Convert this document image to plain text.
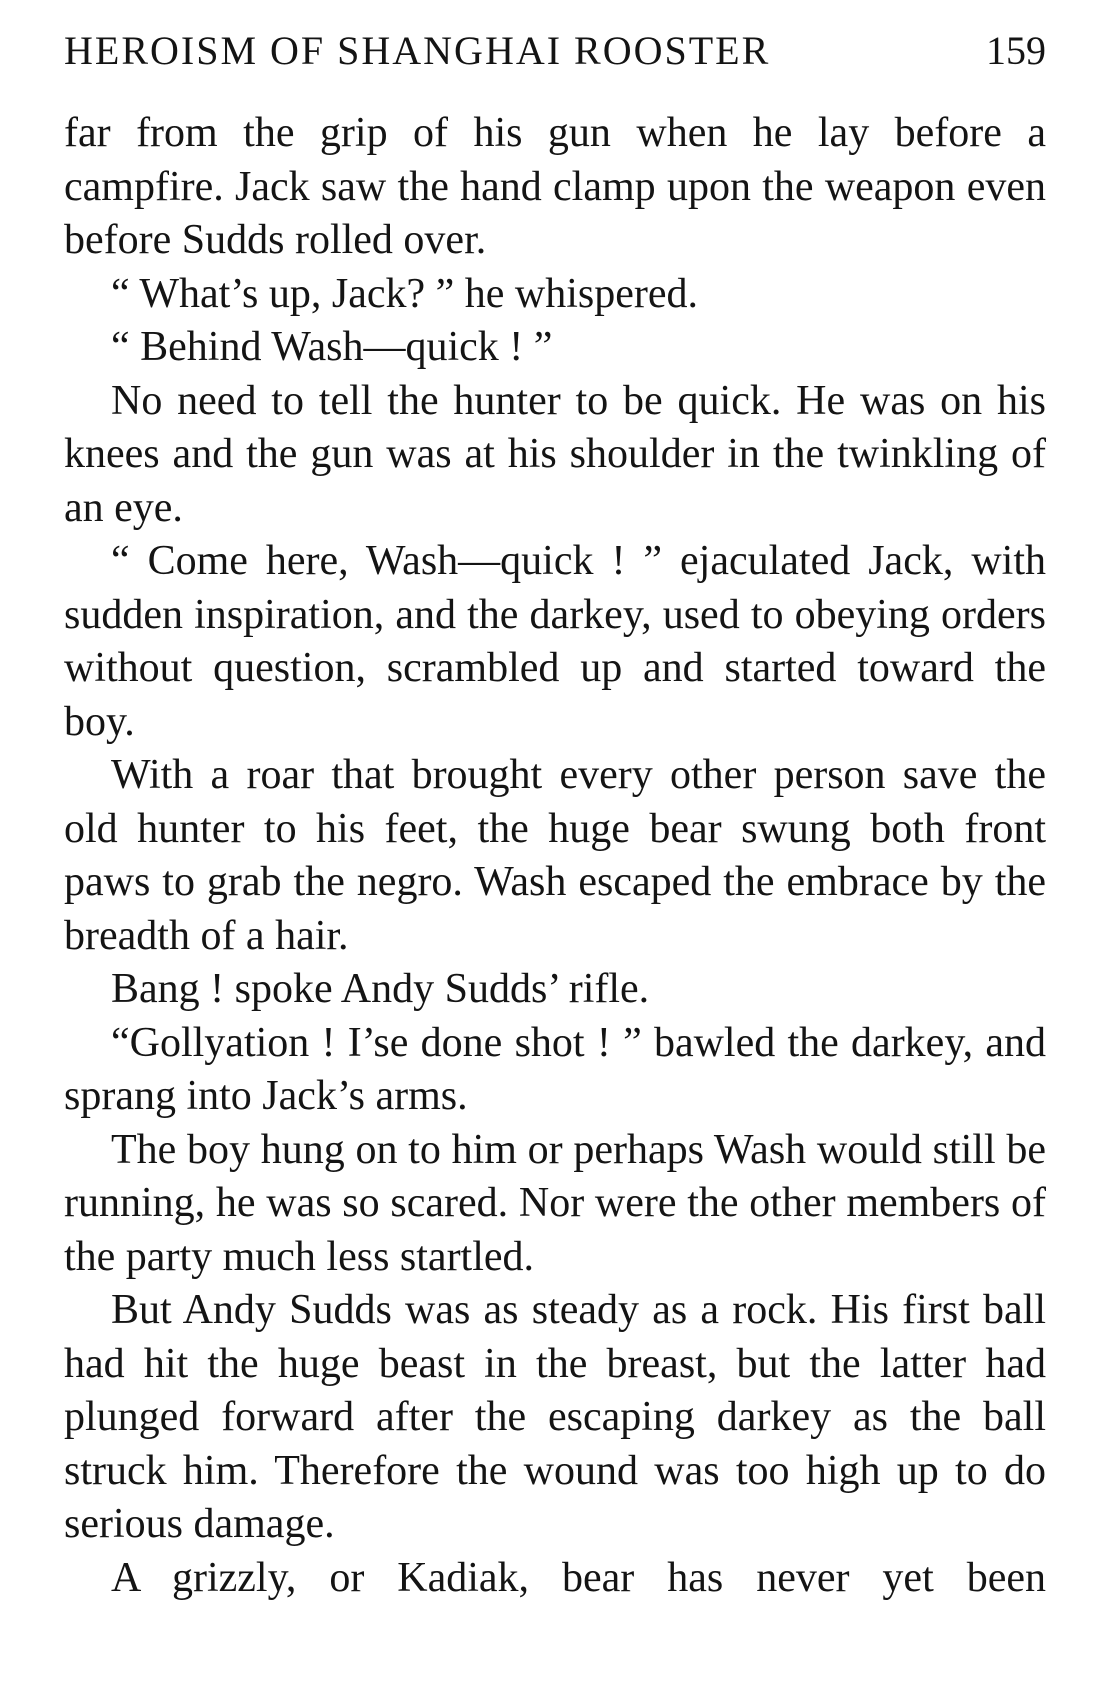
HEROISM OF SHANGHAI ROOSTER	159

far from the grip of his gun when he lay before a campfire. Jack saw the hand clamp upon the weapon even before Sudds rolled over.

“ What’s up, Jack? ” he whispered.

“ Behind Wash—quick ! ”

No need to tell the hunter to be quick. He was on his knees and the gun was at his shoulder in the twinkling of an eye.

“ Come here, Wash—quick ! ” ejaculated Jack, with sudden inspiration, and the darkey, used to obeying orders without question, scrambled up and started toward the boy.

With a roar that brought every other person save the old hunter to his feet, the huge bear swung both front paws to grab the negro. Wash escaped the embrace by the breadth of a hair.

Bang ! spoke Andy Sudds’ rifle.

“Gollyation ! I’se done shot ! ” bawled the darkey, and sprang into Jack’s arms.

The boy hung on to him or perhaps Wash would still be running, he was so scared. Nor were the other members of the party much less startled.

But Andy Sudds was as steady as a rock. His first ball had hit the huge beast in the breast, but the latter had plunged forward after the escaping darkey as the ball struck him. Therefore the wound was too high up to do serious damage.

A grizzly, or Kadiak, bear has never yet been
